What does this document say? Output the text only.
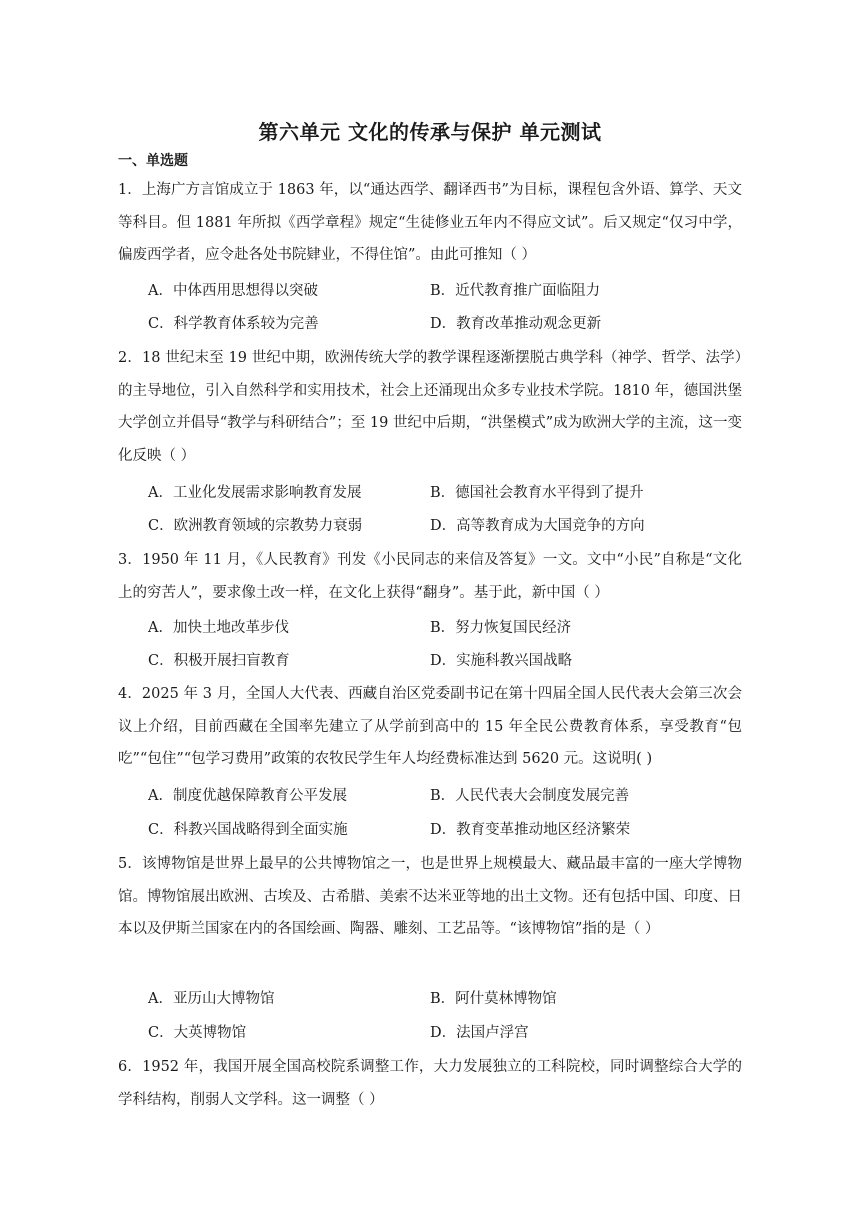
第六单元 文化的传承与保护 单元测试
一、单选题
1．上海广方言馆成立于 1863 年，以“通达西学、翻译西书”为目标，课程包含外语、算学、天文等科目。但 1881 年所拟《西学章程》规定“生徒修业五年内不得应文试”。后又规定“仅习中学，偏废西学者，应令赴各处书院肄业，不得住馆”。由此可推知（ ）
A．中体西用思想得以突破	B．近代教育推广面临阻力
C．科学教育体系较为完善	D．教育改革推动观念更新
2．18 世纪末至 19 世纪中期，欧洲传统大学的教学课程逐渐摆脱古典学科（神学、哲学、法学）的主导地位，引入自然科学和实用技术，社会上还涌现出众多专业技术学院。1810 年，德国洪堡大学创立并倡导“教学与科研结合”；至 19 世纪中后期，“洪堡模式”成为欧洲大学的主流，这一变化反映（ ）
A．工业化发展需求影响教育发展	B．德国社会教育水平得到了提升
C．欧洲教育领域的宗教势力衰弱	D．高等教育成为大国竞争的方向
3．1950 年 11 月，《人民教育》刊发《小民同志的来信及答复》一文。文中“小民”自称是“文化上的穷苦人”，要求像土改一样，在文化上获得“翻身”。基于此，新中国（ ）
A．加快土地改革步伐	B．努力恢复国民经济
C．积极开展扫盲教育	D．实施科教兴国战略
4．2025 年 3 月，全国人大代表、西藏自治区党委副书记在第十四届全国人民代表大会第三次会议上介绍，目前西藏在全国率先建立了从学前到高中的 15 年全民公费教育体系，享受教育“包吃”“包住”“包学习费用”政策的农牧民学生年人均经费标准达到 5620 元。这说明( )
A．制度优越保障教育公平发展	B．人民代表大会制度发展完善
C．科教兴国战略得到全面实施	D．教育变革推动地区经济繁荣
5．该博物馆是世界上最早的公共博物馆之一，也是世界上规模最大、藏品最丰富的一座大学博物馆。博物馆展出欧洲、古埃及、古希腊、美索不达米亚等地的出土文物。还有包括中国、印度、日本以及伊斯兰国家在内的各国绘画、陶器、雕刻、工艺品等。“该博物馆”指的是（ ）
A．亚历山大博物馆	B．阿什莫林博物馆
C．大英博物馆	D．法国卢浮宫
6．1952 年，我国开展全国高校院系调整工作，大力发展独立的工科院校，同时调整综合大学的学科结构，削弱人文学科。这一调整（ ）
